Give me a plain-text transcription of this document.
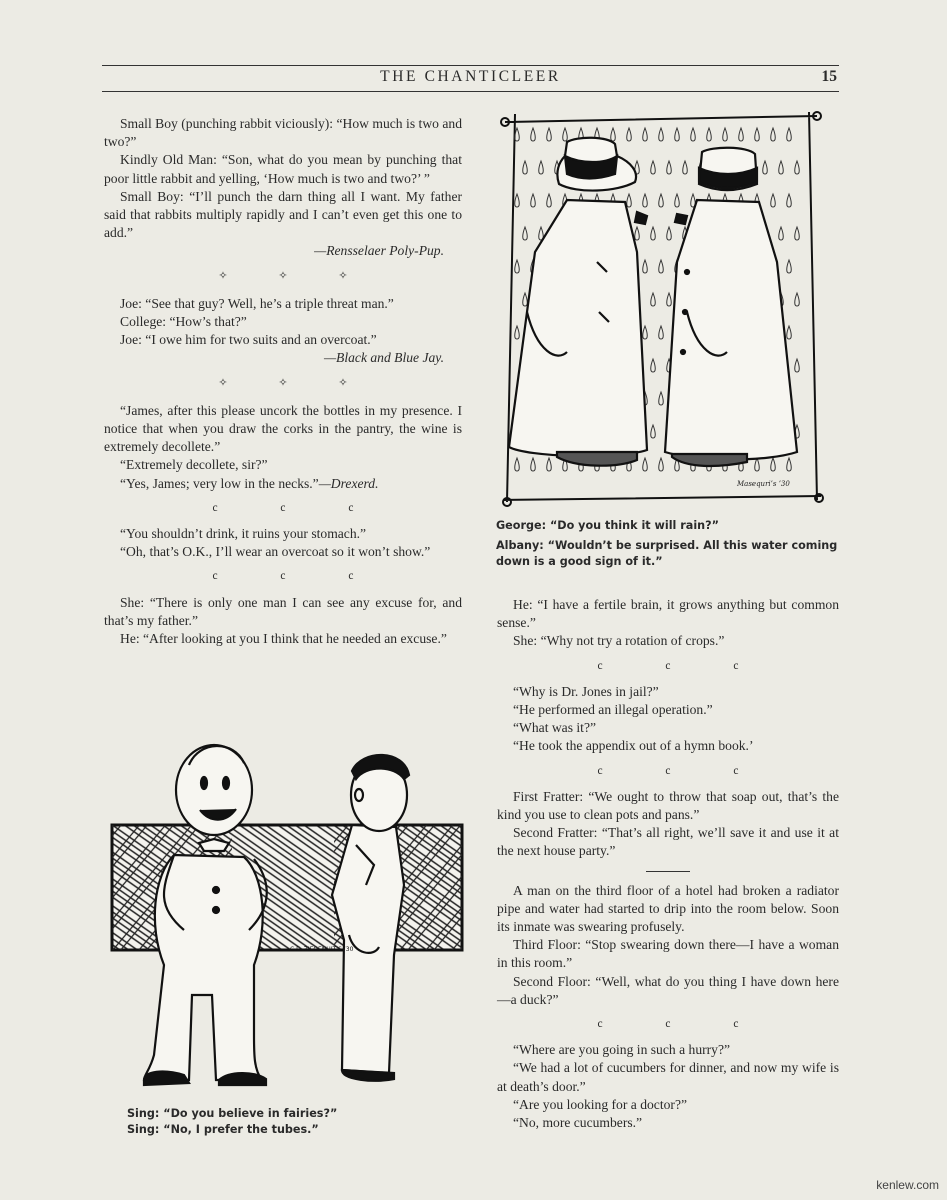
THE CHANTICLEER	15

Small Boy (punching rabbit viciously): “How much is two and two?”

Kindly Old Man: “Son, what do you mean by punching that poor little rabbit and yelling, ‘How much is two and two?’ ”

Small Boy: “I’ll punch the darn thing all I want. My father said that rabbits multiply rapidly and I can’t even get this one to add.”

—Rensselaer Poly-Pup.

✧ ✧ ✧

Joe: “See that guy? Well, he’s a triple threat man.”

College: “How’s that?”

Joe: “I owe him for two suits and an overcoat.”

—Black and Blue Jay.

✧ ✧ ✧

“James, after this please uncork the bottles in my presence. I notice that when you draw the corks in the pantry, the wine is extremely decollete.”

“Extremely decollete, sir?”

“Yes, James; very low in the necks.”—Drexerd.

c c c

“You shouldn’t drink, it ruins your stomach.”

“Oh, that’s O.K., I’ll wear an overcoat so it won’t show.”

c c c

She: “There is only one man I can see any excuse for, and that’s my father.”

He: “After looking at you I think that he needed an excuse.”

C.E. ZIEGENHIT’S ’30

Sing: “Do you believe in fairies?”

Sing: “No, I prefer the tubes.”

Masequri’s ’30

George: “Do you think it will rain?”

Albany: “Wouldn’t be surprised. All this water coming down is a good sign of it.”

He: “I have a fertile brain, it grows anything but common sense.”

She: “Why not try a rotation of crops.”

c c c

“Why is Dr. Jones in jail?”

“He performed an illegal operation.”

“What was it?”

“He took the appendix out of a hymn book.’

c c c

First Fratter: “We ought to throw that soap out, that’s the kind you use to clean pots and pans.”

Second Fratter: “That’s all right, we’ll save it and use it at the next house party.”

A man on the third floor of a hotel had broken a radiator pipe and water had started to drip into the room below. Soon its inmate was swearing profusely.

Third Floor: “Stop swearing down there—I have a woman in this room.”

Second Floor: “Well, what do you thing I have down here—a duck?”

c c c

“Where are you going in such a hurry?”

“We had a lot of cucumbers for dinner, and now my wife is at death’s door.”

“Are you looking for a doctor?”

“No, more cucumbers.”

kenlew.com
